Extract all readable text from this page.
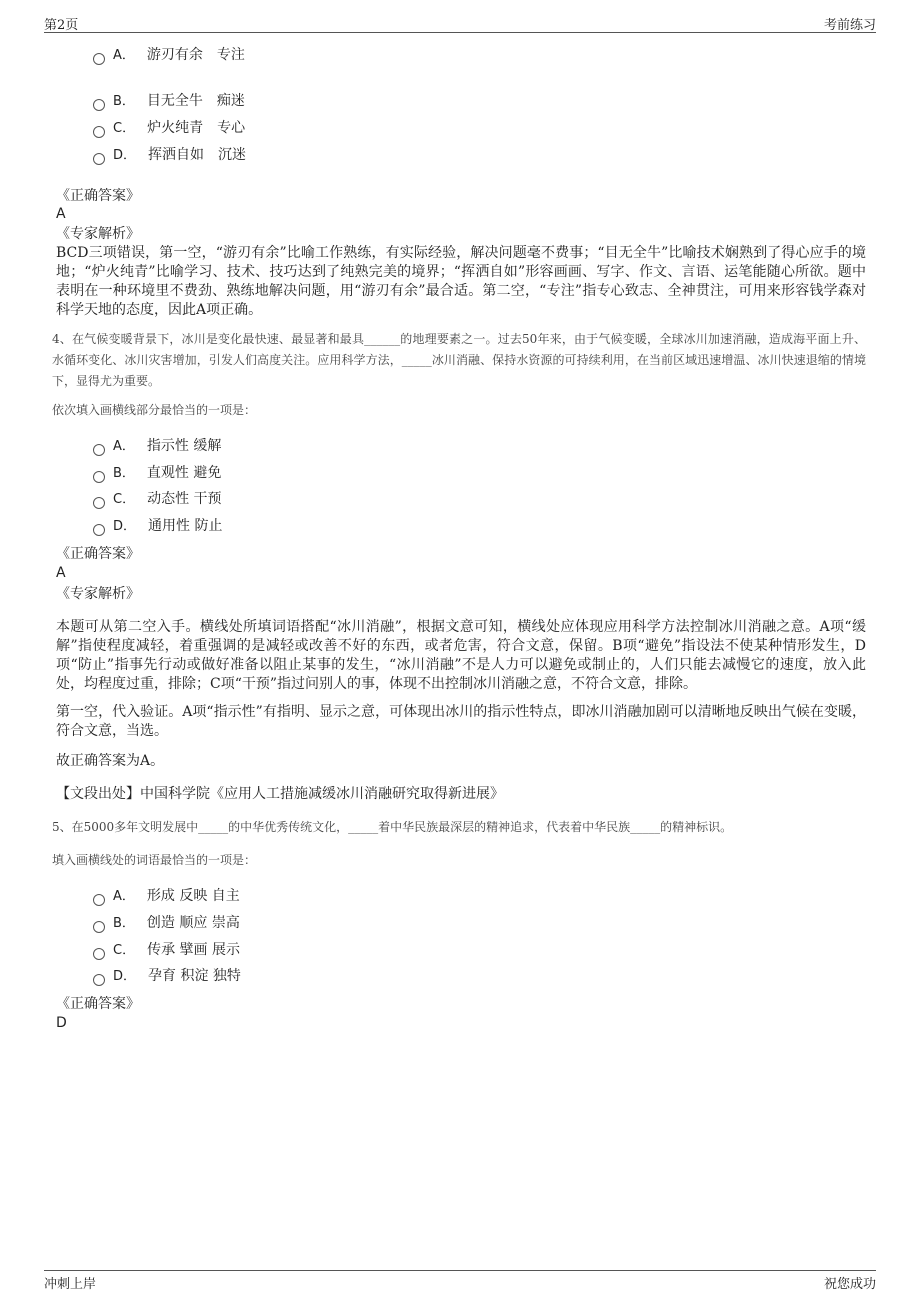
第2页	考前练习
A． 游刃有余　专注
B． 目无全牛　痴迷
C． 炉火纯青　专心
D． 挥洒自如　沉迷
《正确答案》
A
《专家解析》
BCD三项错误，第一空，“游刃有余”比喻工作熟练，有实际经验，解决问题毫不费事；“目无全牛”比喻技术娴熟到了得心应手的境地；“炉火纯青”比喻学习、技术、技巧达到了纯熟完美的境界；“挥洒自如”形容画画、写字、作文、言语、运笔能随心所欲。题中表明在一种环境里不费劲、熟练地解决问题，用“游刃有余”最合适。第二空，“专注”指专心致志、全神贯注，可用来形容钱学森对科学天地的态度，因此A项正确。
4、在气候变暖背景下，冰川是变化最快速、最显著和最具______的地理要素之一。过去50年来，由于气候变暖，全球冰川加速消融，造成海平面上升、水循环变化、冰川灾害增加，引发人们高度关注。应用科学方法，_____冰川消融、保持水资源的可持续利用，在当前区域迅速增温、冰川快速退缩的情境下，显得尤为重要。
依次填入画横线部分最恰当的一项是：
A． 指示性 缓解
B． 直观性 避免
C． 动态性 干预
D． 通用性 防止
《正确答案》
A
《专家解析》
本题可从第二空入手。横线处所填词语搭配“冰川消融”，根据文意可知，横线处应体现应用科学方法控制冰川消融之意。A项“缓解”指使程度减轻，着重强调的是减轻或改善不好的东西，或者危害，符合文意，保留。B项“避免”指设法不使某种情形发生，D项“防止”指事先行动或做好准备以阻止某事的发生，“冰川消融”不是人力可以避免或制止的，人们只能去减慢它的速度，放入此处，均程度过重，排除；C项“干预”指过问别人的事，体现不出控制冰川消融之意，不符合文意，排除。
第一空，代入验证。A项“指示性”有指明、显示之意，可体现出冰川的指示性特点，即冰川消融加剧可以清晰地反映出气候在变暖，符合文意，当选。
故正确答案为A。
【文段出处】中国科学院《应用人工措施减缓冰川消融研究取得新进展》
5、在5000多年文明发展中_____的中华优秀传统文化，_____着中华民族最深层的精神追求，代表着中华民族_____的精神标识。
填入画横线处的词语最恰当的一项是：
A． 形成 反映 自主
B． 创造 顺应 崇高
C． 传承 擘画 展示
D． 孕育 积淀 独特
《正确答案》
D
冲刺上岸	祝您成功
